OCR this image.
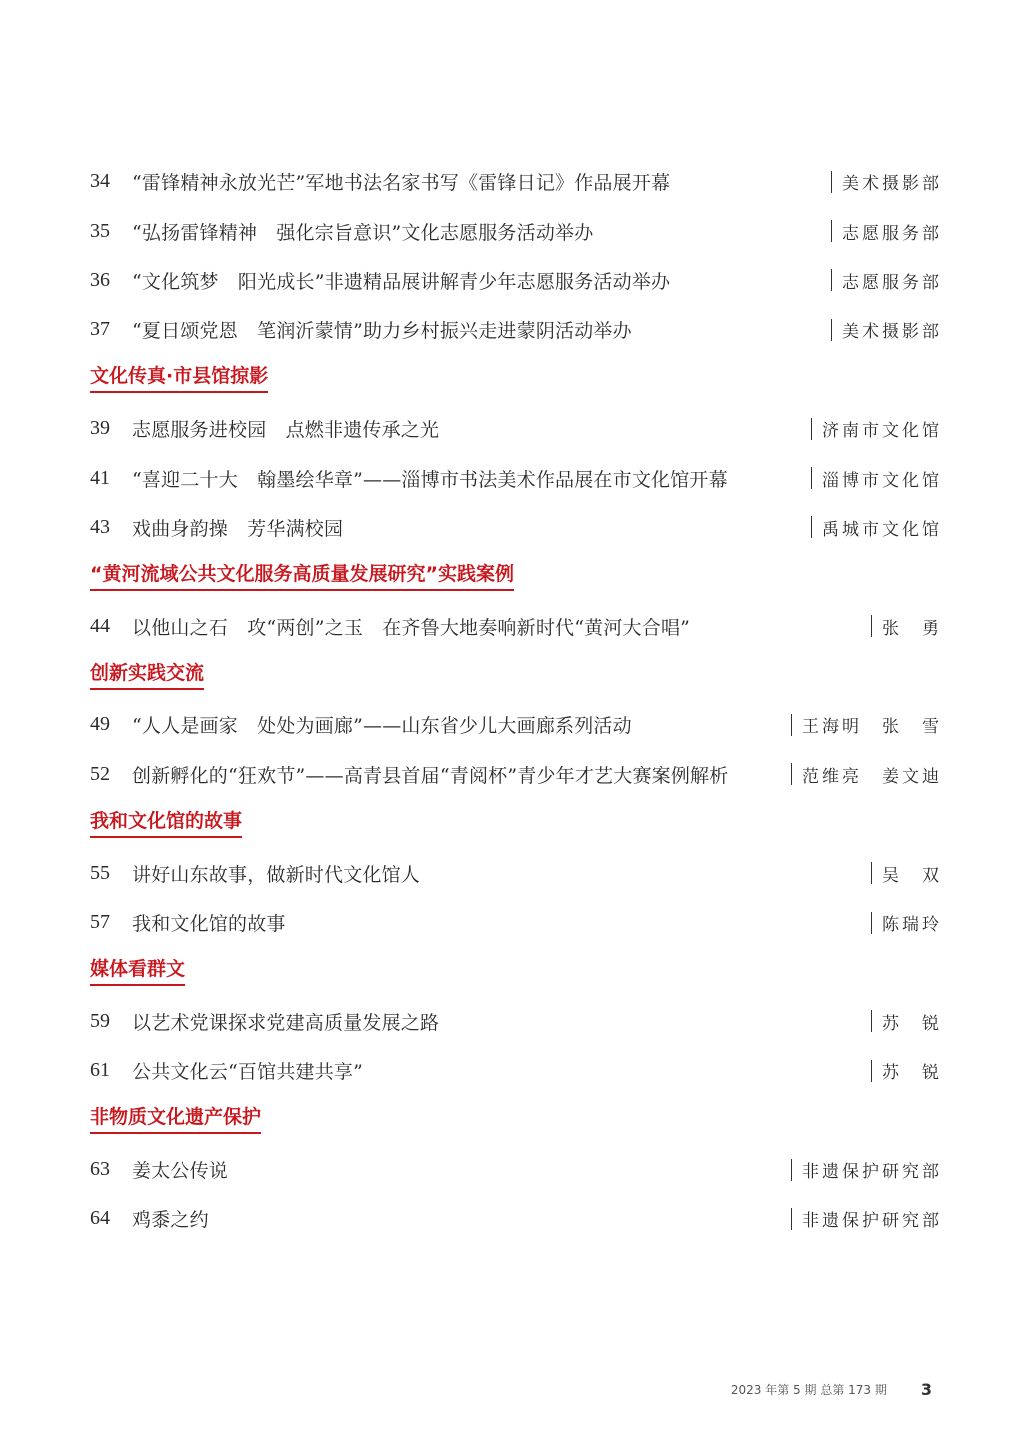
34	“雷锋精神永放光芒”军地书法名家书写《雷锋日记》作品展开幕	美术摄影部
35	“弘扬雷锋精神　强化宗旨意识”文化志愿服务活动举办	志愿服务部
36	“文化筑梦　阳光成长”非遗精品展讲解青少年志愿服务活动举办	志愿服务部
37	“夏日颂党恩　笔润沂蒙情”助力乡村振兴走进蒙阴活动举办	美术摄影部
文化传真·市县馆掠影
39	志愿服务进校园　点燃非遗传承之光	济南市文化馆
41	“喜迎二十大　翰墨绘华章”——淄博市书法美术作品展在市文化馆开幕	淄博市文化馆
43	戏曲身韵操　芳华满校园	禹城市文化馆
“黄河流域公共文化服务高质量发展研究”实践案例
44	以他山之石　攻“两创”之玉　在齐鲁大地奏响新时代“黄河大合唱”	张　勇
创新实践交流
49	“人人是画家　处处为画廊”——山东省少儿大画廊系列活动	王海明　张　雪
52	创新孵化的“狂欢节”——高青县首届“青阅杯”青少年才艺大赛案例解析	范维亮　姜文迪
我和文化馆的故事
55	讲好山东故事，做新时代文化馆人	吴　双
57	我和文化馆的故事	陈瑞玲
媒体看群文
59	以艺术党课探求党建高质量发展之路	苏　锐
61	公共文化云“百馆共建共享”	苏　锐
非物质文化遗产保护
63	姜太公传说	非遗保护研究部
64	鸡黍之约	非遗保护研究部
2023 年第 5 期 总第 173 期 3
